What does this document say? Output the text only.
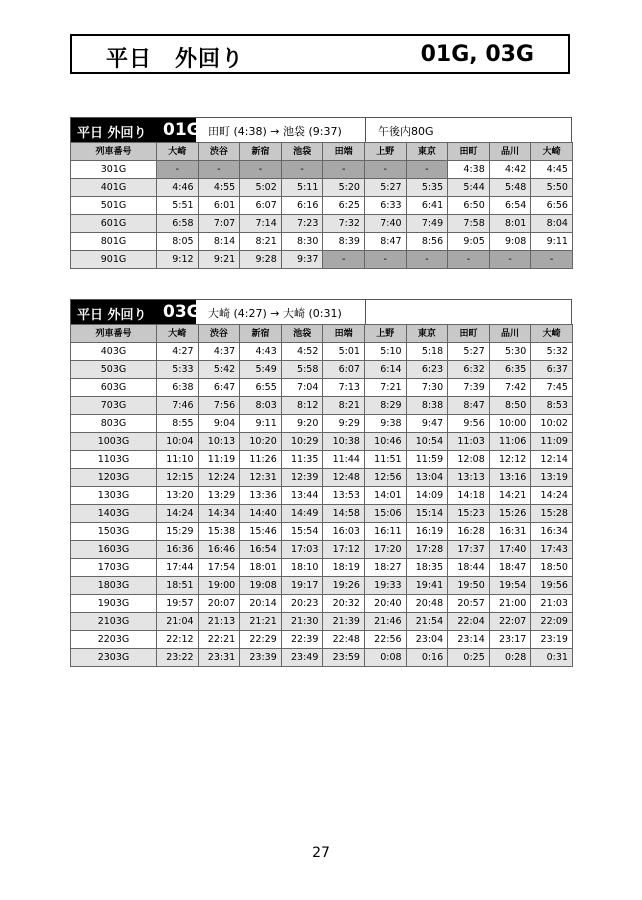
平日　外回り	01G, 03G
平日 外回り 01G 田町 (4:38) → 池袋 (9:37)	午後内80G
列車番号	大崎	渋谷	新宿	池袋	田端	上野	東京	田町	品川	大崎
301G	-	-	-	-	-	-	-	4:38	4:42	4:45
401G	4:46	4:55	5:02	5:11	5:20	5:27	5:35	5:44	5:48	5:50
501G	5:51	6:01	6:07	6:16	6:25	6:33	6:41	6:50	6:54	6:56
601G	6:58	7:07	7:14	7:23	7:32	7:40	7:49	7:58	8:01	8:04
801G	8:05	8:14	8:21	8:30	8:39	8:47	8:56	9:05	9:08	9:11
901G	9:12	9:21	9:28	9:37	-	-	-	-	-	-
平日 外回り 03G 大崎 (4:27) → 大崎 (0:31)
列車番号	大崎	渋谷	新宿	池袋	田端	上野	東京	田町	品川	大崎
403G	4:27	4:37	4:43	4:52	5:01	5:10	5:18	5:27	5:30	5:32
503G	5:33	5:42	5:49	5:58	6:07	6:14	6:23	6:32	6:35	6:37
603G	6:38	6:47	6:55	7:04	7:13	7:21	7:30	7:39	7:42	7:45
703G	7:46	7:56	8:03	8:12	8:21	8:29	8:38	8:47	8:50	8:53
803G	8:55	9:04	9:11	9:20	9:29	9:38	9:47	9:56	10:00	10:02
1003G	10:04	10:13	10:20	10:29	10:38	10:46	10:54	11:03	11:06	11:09
1103G	11:10	11:19	11:26	11:35	11:44	11:51	11:59	12:08	12:12	12:14
1203G	12:15	12:24	12:31	12:39	12:48	12:56	13:04	13:13	13:16	13:19
1303G	13:20	13:29	13:36	13:44	13:53	14:01	14:09	14:18	14:21	14:24
1403G	14:24	14:34	14:40	14:49	14:58	15:06	15:14	15:23	15:26	15:28
1503G	15:29	15:38	15:46	15:54	16:03	16:11	16:19	16:28	16:31	16:34
1603G	16:36	16:46	16:54	17:03	17:12	17:20	17:28	17:37	17:40	17:43
1703G	17:44	17:54	18:01	18:10	18:19	18:27	18:35	18:44	18:47	18:50
1803G	18:51	19:00	19:08	19:17	19:26	19:33	19:41	19:50	19:54	19:56
1903G	19:57	20:07	20:14	20:23	20:32	20:40	20:48	20:57	21:00	21:03
2103G	21:04	21:13	21:21	21:30	21:39	21:46	21:54	22:04	22:07	22:09
2203G	22:12	22:21	22:29	22:39	22:48	22:56	23:04	23:14	23:17	23:19
2303G	23:22	23:31	23:39	23:49	23:59	0:08	0:16	0:25	0:28	0:31
27
